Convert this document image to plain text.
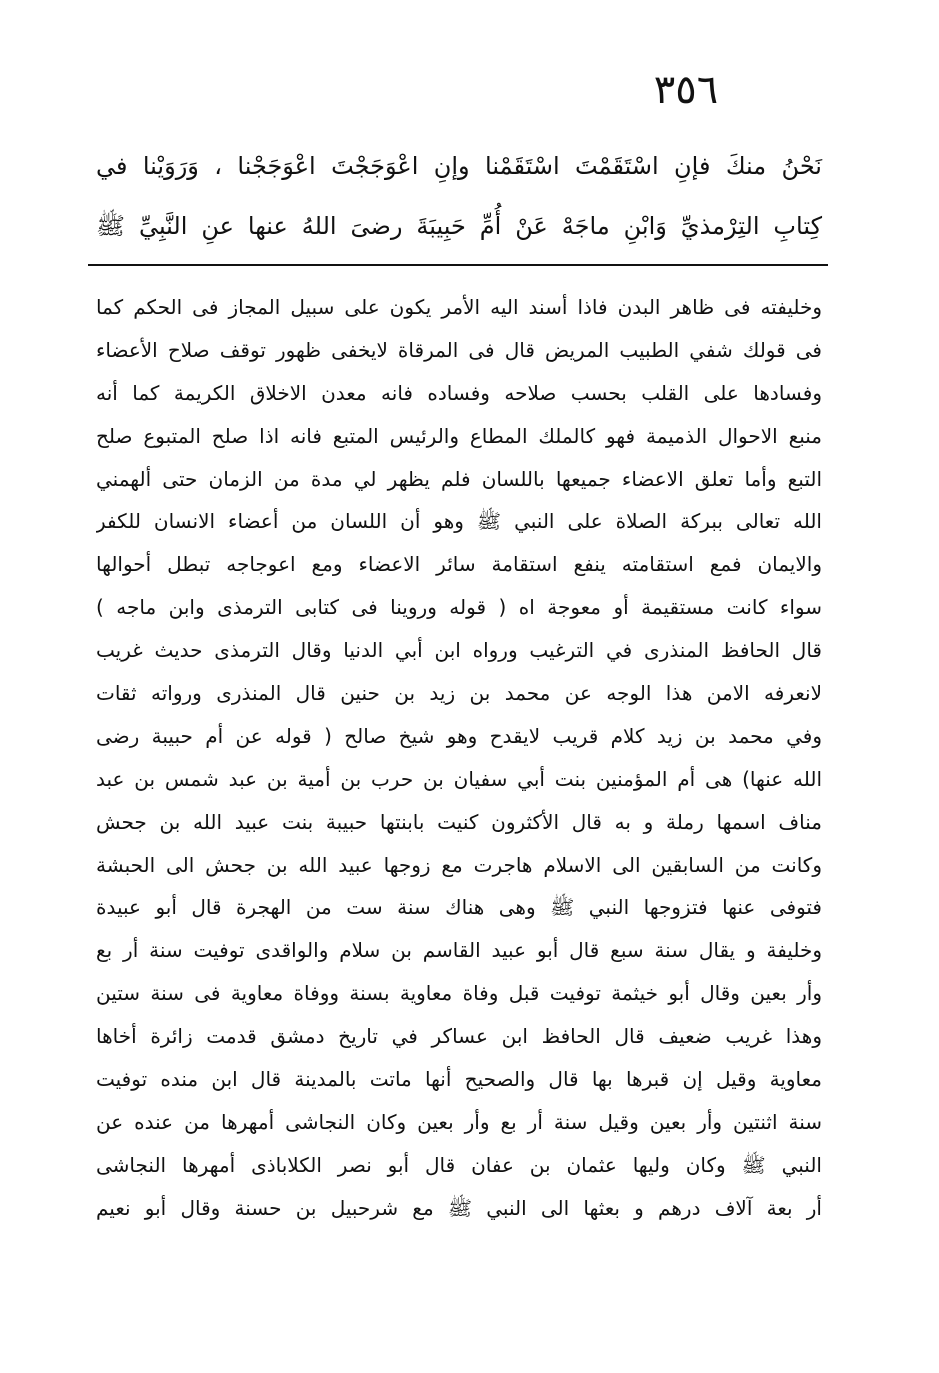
٣٥٦
نَحْنُ منكَ فإنِ اسْتَقَمْتَ اسْتَقَمْنا وإنِ اعْوَجَجْتَ اعْوَجَجْنا ، وَرَوَيْنا في
كِتابِ التِرْمذيِّ وَابْنِ ماجَهْ عَنْ أُمِّ حَبِيبَةَ رضىَ اللهُ عنها عنِ النَّبِيِّ ﷺ
وخليفته فى ظاهر البدن فاذا أسند اليه الأمر يكون على سبيل المجاز فى الحكم كما
فى قولك شفي الطبيب المريض قال فى المرقاة لايخفى ظهور توقف صلاح الأعضاء
وفسادها على القلب بحسب صلاحه وفساده فانه معدن الاخلاق الكريمة كما أنه
منبع الاحوال الذميمة فهو كالملك المطاع والرئيس المتبع فانه اذا صلح المتبوع صلح
التبع وأما تعلق الاعضاء جميعها باللسان فلم يظهر لي مدة من الزمان حتى ألهمني
الله تعالى ببركة الصلاة على النبي ﷺ وهو أن اللسان من أعضاء الانسان للكفر
والايمان فمع استقامته ينفع استقامة سائر الاعضاء ومع اعوجاجه تبطل أحوالها
سواء كانت مستقيمة أو معوجة اه ( قوله وروينا فى كتابى الترمذى وابن ماجه )
قال الحافظ المنذرى في الترغيب ورواه ابن أبي الدنيا وقال الترمذى حديث غريب
لانعرفه الامن هذا الوجه عن محمد بن زيد بن حنين قال المنذرى ورواته ثقات
وفي محمد بن زيد كلام قريب لايقدح وهو شيخ صالح ( قوله عن أم حبيبة رضى
الله عنها) هى أم المؤمنين بنت أبي سفيان بن حرب بن أمية بن عبد شمس بن عبد
مناف اسمها رملة و به قال الأكثرون كنيت بابنتها حبيبة بنت عبيد الله بن جحش
وكانت من السابقين الى الاسلام هاجرت مع زوجها عبيد الله بن جحش الى الحبشة
فتوفى عنها فتزوجها النبي ﷺ وهى هناك سنة ست من الهجرة قال أبو عبيدة
وخليفة و يقال سنة سبع قال أبو عبيد القاسم بن سلام والواقدى توفيت سنة أر بع
وأر بعين وقال أبو خيثمة توفيت قبل وفاة معاوية بسنة ووفاة معاوية فى سنة ستين
وهذا غريب ضعيف قال الحافظ ابن عساكر في تاريخ دمشق قدمت زائرة أخاها
معاوية وقيل إن قبرها بها قال والصحيح أنها ماتت بالمدينة قال ابن منده توفيت
سنة اثنتين وأر بعين وقيل سنة أر بع وأر بعين وكان النجاشى أمهرها من عنده عن
النبي ﷺ وكان وليها عثمان بن عفان قال أبو نصر الكلاباذى أمهرها النجاشى
أر بعة آلاف درهم و بعثها الى النبي ﷺ مع شرحبيل بن حسنة وقال أبو نعيم
